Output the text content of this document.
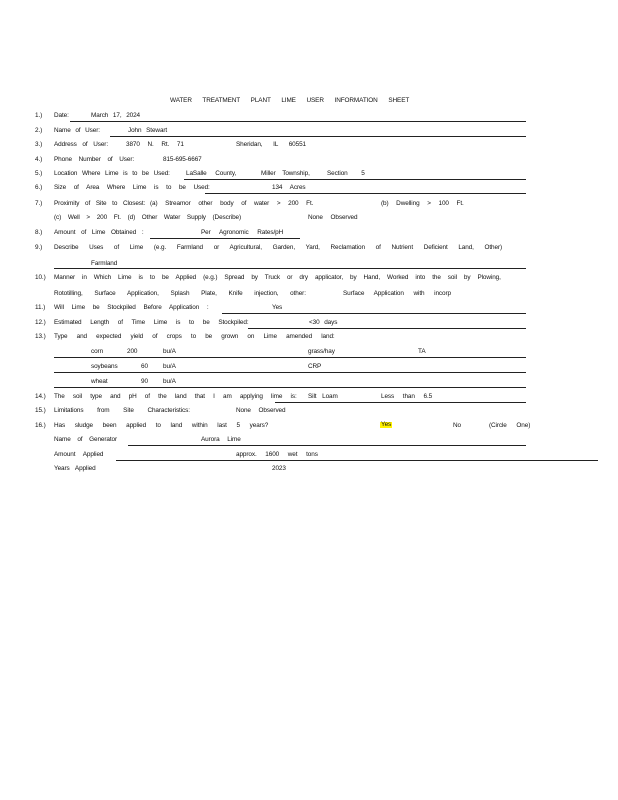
WATER TREATMENT PLANT LIME USER INFORMATION SHEET
1.) Date:	March 17, 2024
2.) Name of User:	John Stewart
3.) Address of User:	3870 N. Rt. 71	Sheridan, IL 60551
4.) Phone Number of User:	815-695-6667
5.) Location Where Lime is to be Used:	LaSalle County,	Miller Township,	Section 5
6.) Size of Area Where Lime is to be Used:	134 Acres
7.) Proximity of Site to Closest: (a) Streamor other body of water > 200 Ft.	(b) Dwelling > 100 Ft.
(c) Well > 200 Ft. (d) Other Water Supply (Describe)	None Observed
8.) Amount of Lime Obtained :	Per Agronomic Rates/pH
9.) Describe Uses of Lime (e.g. Farmland or Agricultural, Garden, Yard, Reclamation of Nutrient Deficient Land, Other)
Farmland
10.) Manner in Which Lime is to be Applied (e.g.) Spread by Truck or dry applicator, by Hand, Worked into the soil by Plowing,
Rototilling, Surface Application, Splash Plate, Knife injection, other:	Surface Application with incorp
11.) Will Lime be Stockpiled Before Application :	Yes
12.) Estimated Length of Time Lime is to be Stockpiled:	<30 days
13.) Type and expected yield of crops to be grown on Lime amended land:
corn	200	bu/A	grass/hay	TA
soybeans	60 bu/A	CRP
wheat	90 bu/A
14.) The soil type and pH of the land that I am applying lime is: Silt Loam	Less than 6.5
15.) Limitations from Site Characteristics:	None Observed
16.) Has sludge been applied to land within last 5 years?	Yes	No	(Circle One)
Name of Generator	Aurora Lime
Amount Applied	approx. 1600 wet tons
Years Applied	2023
